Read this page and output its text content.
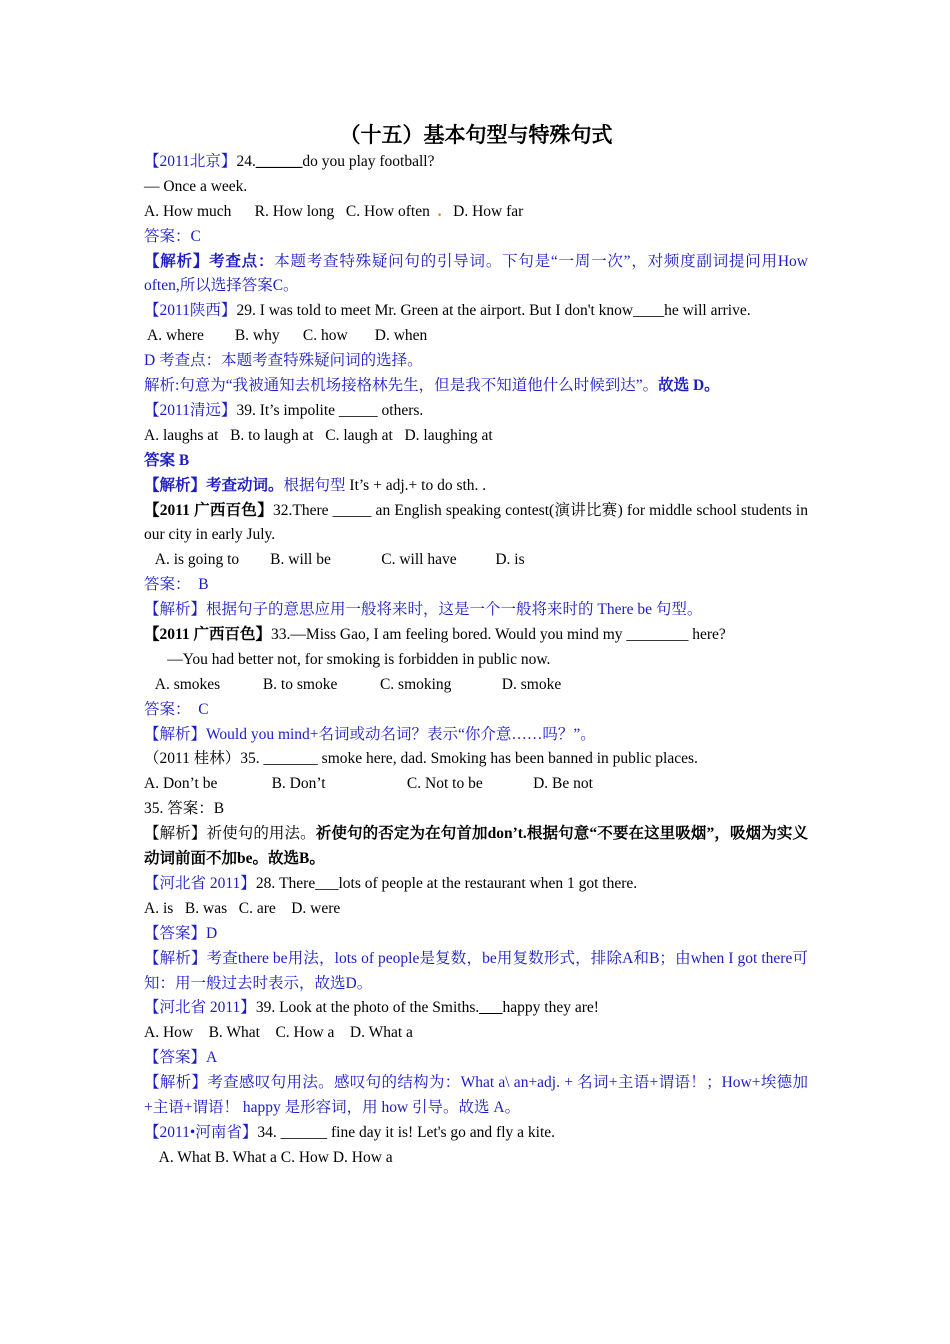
（十五）基本句型与特殊句式
【2011北京】24.______do you play football?
— Once a week.
A. How much      R. How long   C. How often  .   D. How far
答案：C
【解析】考查点：本题考查特殊疑问句的引导词。下句是“一周一次”，对频度副词提问用How often,所以选择答案C。
【2011陕西】29. I was told to meet Mr. Green at the airport. But I don't know____he will arrive.
A. where        B. why      C. how       D. when
D 考查点：本题考查特殊疑问词的选择。
解析:句意为“我被通知去机场接格林先生，但是我不知道他什么时候到达”。故选 D。
【2011清远】39. It’s impolite _____ others.
A. laughs at   B. to laugh at   C. laugh at   D. laughing at
答案 B
【解析】考查动词。根据句型 It’s + adj.+ to do sth. .
【2011 广西百色】32.There _____ an English speaking contest(演讲比赛) for middle school students in our city in early July.
A. is going to        B. will be             C. will have          D. is
答案：  B
【解析】根据句子的意思应用一般将来时，这是一个一般将来时的 There be 句型。
【2011 广西百色】33.—Miss Gao, I am feeling bored. Would you mind my ________ here?
—You had better not, for smoking is forbidden in public now.
A. smokes           B. to smoke           C. smoking             D. smoke
答案：  C
【解析】Would you mind+名词或动名词？表示“你介意……吗？”。
（2011 桂林）35. _______ smoke here, dad. Smoking has been banned in public places.
A. Don’t be              B. Don’t                     C. Not to be             D. Be not
35. 答案：B
【解析】祈使句的用法。祈使句的否定为在句首加don’t.根据句意“不要在这里吸烟”，吸烟为实义动词前面不加be。故选B。
【河北省 2011】28. There___lots of people at the restaurant when 1 got there.
A. is   B. was   C. are    D. were
【答案】D
【解析】考查there be用法，lots of people是复数，be用复数形式，排除A和B；由when I got there可知：用一般过去时表示，故选D。
【河北省 2011】39. Look at the photo of the Smiths.___happy they are!
A. How    B. What    C. How a    D. What a
【答案】A
【解析】考查感叹句用法。感叹句的结构为：What a\ an+adj. + 名词+主语+谓语！；How+埃德加+主语+谓语！ happy 是形容词，用 how 引导。故选 A。
【2011•河南省】34. ______ fine day it is! Let's go and fly a kite.
A. What B. What a C. How D. How a
